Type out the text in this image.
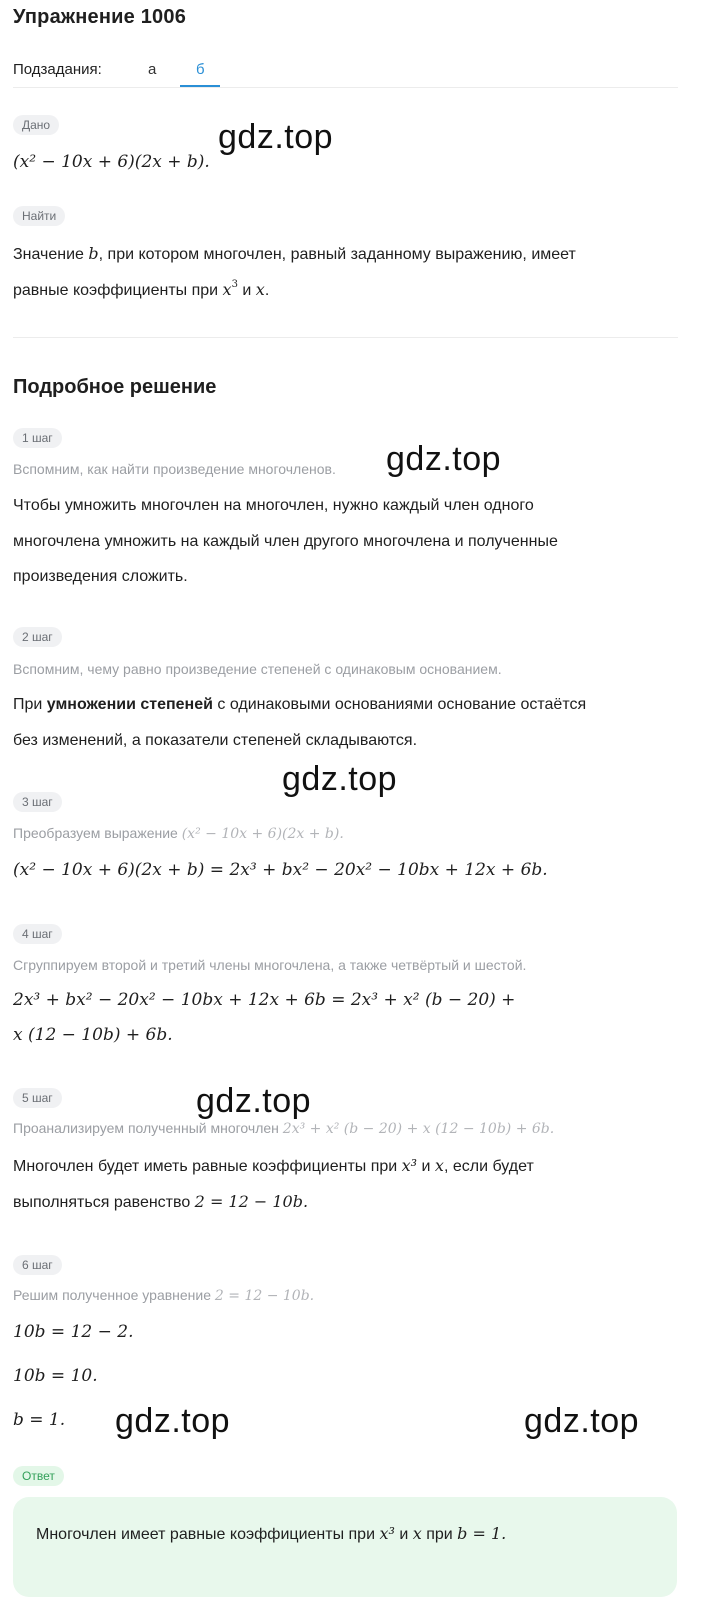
Упражнение 1006
Подзадания:	а	б
Дано
(x² − 10x + 6)(2x + b).
Найти
Значение b, при котором многочлен, равный заданному выражению, имеет
равные коэффициенты при $x^3$ и x.
Подробное решение
1 шаг
Вспомним, как найти произведение многочленов.
Чтобы умножить многочлен на многочлен, нужно каждый член одного
многочлена умножить на каждый член другого многочлена и полученные
произведения сложить.
2 шаг
Вспомним, чему равно произведение степеней с одинаковым основанием.
При умножении степеней с одинаковыми основаниями основание остаётся
без изменений, а показатели степеней складываются.
3 шаг
Преобразуем выражение (x² − 10x + 6)(2x + b).
(x² − 10x + 6)(2x + b) = 2x³ + bx² − 20x² − 10bx + 12x + 6b.
4 шаг
Сгруппируем второй и третий члены многочлена, а также четвёртый и шестой.
2x³ + bx² − 20x² − 10bx + 12x + 6b = 2x³ + x² (b − 20) +
x (12 − 10b) + 6b.
5 шаг
Проанализируем полученный многочлен 2x³ + x² (b − 20) + x (12 − 10b) + 6b.
Многочлен будет иметь равные коэффициенты при x³ и x, если будет
выполняться равенство 2 = 12 − 10b.
6 шаг
Решим полученное уравнение 2 = 12 − 10b.
10b = 12 − 2.
10b = 10.
b = 1.
Ответ
Многочлен имеет равные коэффициенты при x³ и x при b = 1.
gdz.top
gdz.top
gdz.top
gdz.top
gdz.top	gdz.top
